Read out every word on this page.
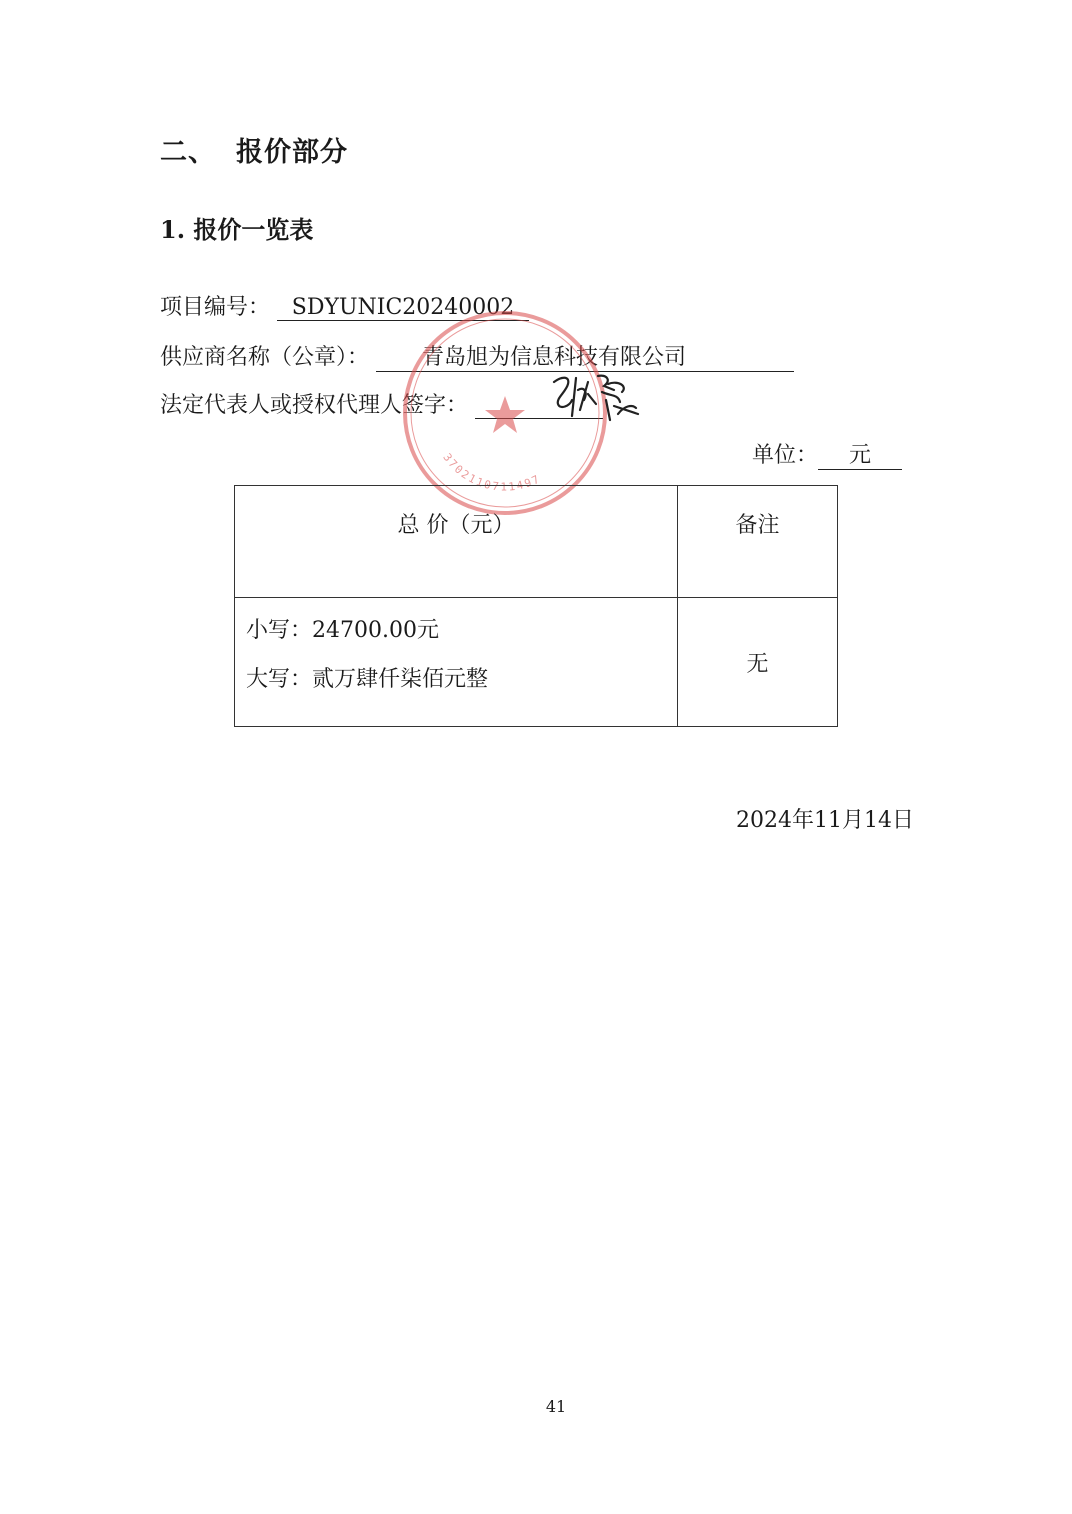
二、 报价部分
1. 报价一览表
项目编号： SDYUNIC20240002
供应商名称（公章）： 青岛旭为信息科技有限公司
法定代表人或授权代理人签字：
3702110711497
单位： 元
总 价（元）	备注

小写：24700.00元
大写：贰万肆仟柒佰元整	无
2024年11月14日
41
